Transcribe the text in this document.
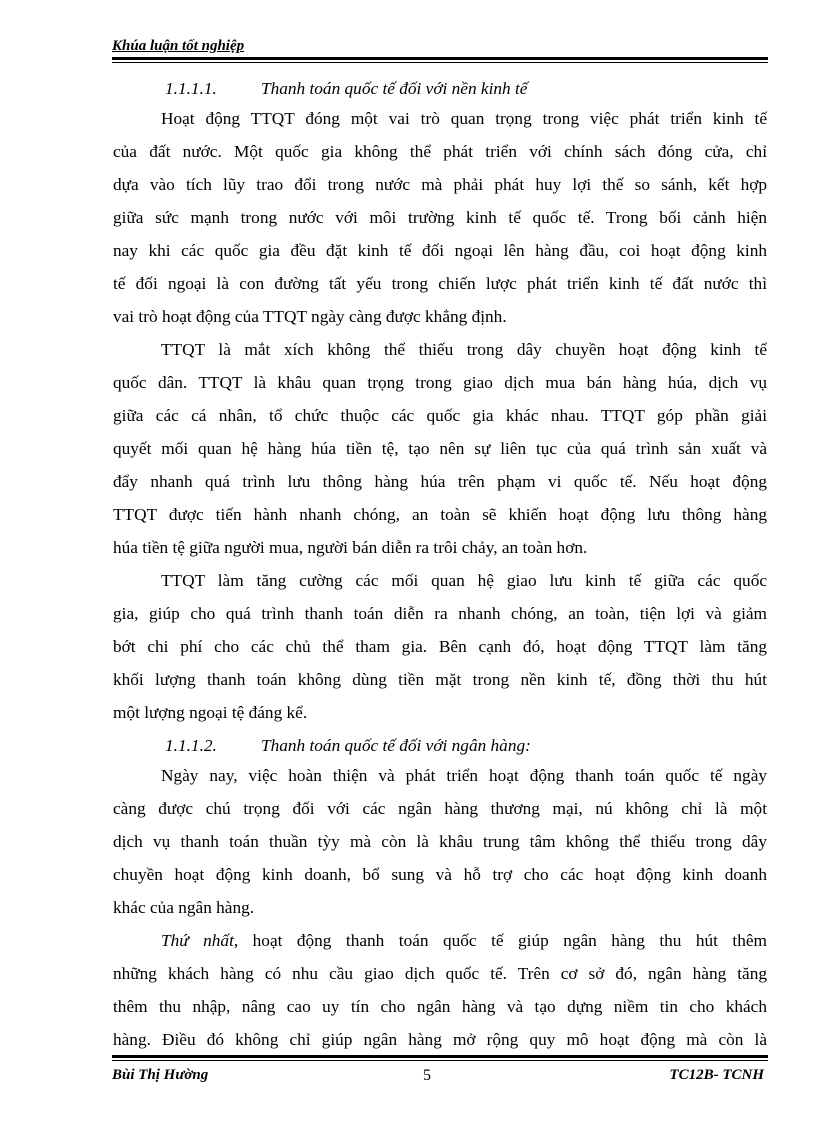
Khúa luận tốt nghiệp
1.1.1.1.	Thanh toán quốc tế đối với nền kinh tế
Hoạt động TTQT đóng một vai trò quan trọng trong việc phát triển kinh tế
của đất nước. Một quốc gia không thể phát triển với chính sách đóng cửa, chỉ
dựa vào tích lũy trao đổi trong nước mà phải phát huy lợi thế so sánh, kết hợp
giữa sức mạnh trong nước với môi trường kinh tế quốc tế. Trong bối cảnh hiện
nay khi các quốc gia đều đặt kinh tế đối ngoại lên hàng đầu, coi hoạt động kinh
tế đối ngoại là con đường tất yếu trong chiến lược phát triển kinh tế đất nước thì
vai trò hoạt động của TTQT ngày càng được khẳng định.
TTQT là mắt xích không thể thiếu trong dây chuyền hoạt động kinh tế
quốc dân. TTQT là khâu quan trọng trong giao dịch mua bán hàng húa, dịch vụ
giữa các cá nhân, tổ chức thuộc các quốc gia khác nhau. TTQT góp phần giải
quyết mối quan hệ hàng húa tiền tệ, tạo nên sự liên tục của quá trình sản xuất và
đẩy nhanh quá trình lưu thông hàng húa trên phạm vi quốc tế. Nếu hoạt động
TTQT được tiến hành nhanh chóng, an toàn sẽ khiến hoạt động lưu thông hàng
húa tiền tệ giữa người mua, người bán diễn ra trôi chảy, an toàn hơn.
TTQT làm tăng cường các mối quan hệ giao lưu kinh tế giữa các quốc
gia, giúp cho quá trình thanh toán diễn ra nhanh chóng, an toàn, tiện lợi và giảm
bớt chi phí cho các chủ thể tham gia. Bên cạnh đó, hoạt động TTQT làm tăng
khối lượng thanh toán không dùng tiền mặt trong nền kinh tế, đồng thời thu hút
một lượng ngoại tệ đáng kể.
1.1.1.2.	Thanh toán quốc tế đối với ngân hàng:
Ngày nay, việc hoàn thiện và phát triển hoạt động thanh toán quốc tế ngày
càng được chú trọng đối với các ngân hàng thương mại, nú không chỉ là một
dịch vụ thanh toán thuần tỳy mà còn là khâu trung tâm không thể thiếu trong dây
chuyền hoạt động kinh doanh, bổ sung và hỗ trợ cho các hoạt động kinh doanh
khác của ngân hàng.
Thứ nhất, hoạt động thanh toán quốc tế giúp ngân hàng thu hút thêm
những khách hàng có nhu cầu giao dịch quốc tế. Trên cơ sở đó, ngân hàng tăng
thêm thu nhập, nâng cao uy tín cho ngân hàng và tạo dựng niềm tin cho khách
hàng. Điều đó không chỉ giúp ngân hàng mở rộng quy mô hoạt động mà còn là
Bùi Thị Hường	5	TC12B- TCNH
